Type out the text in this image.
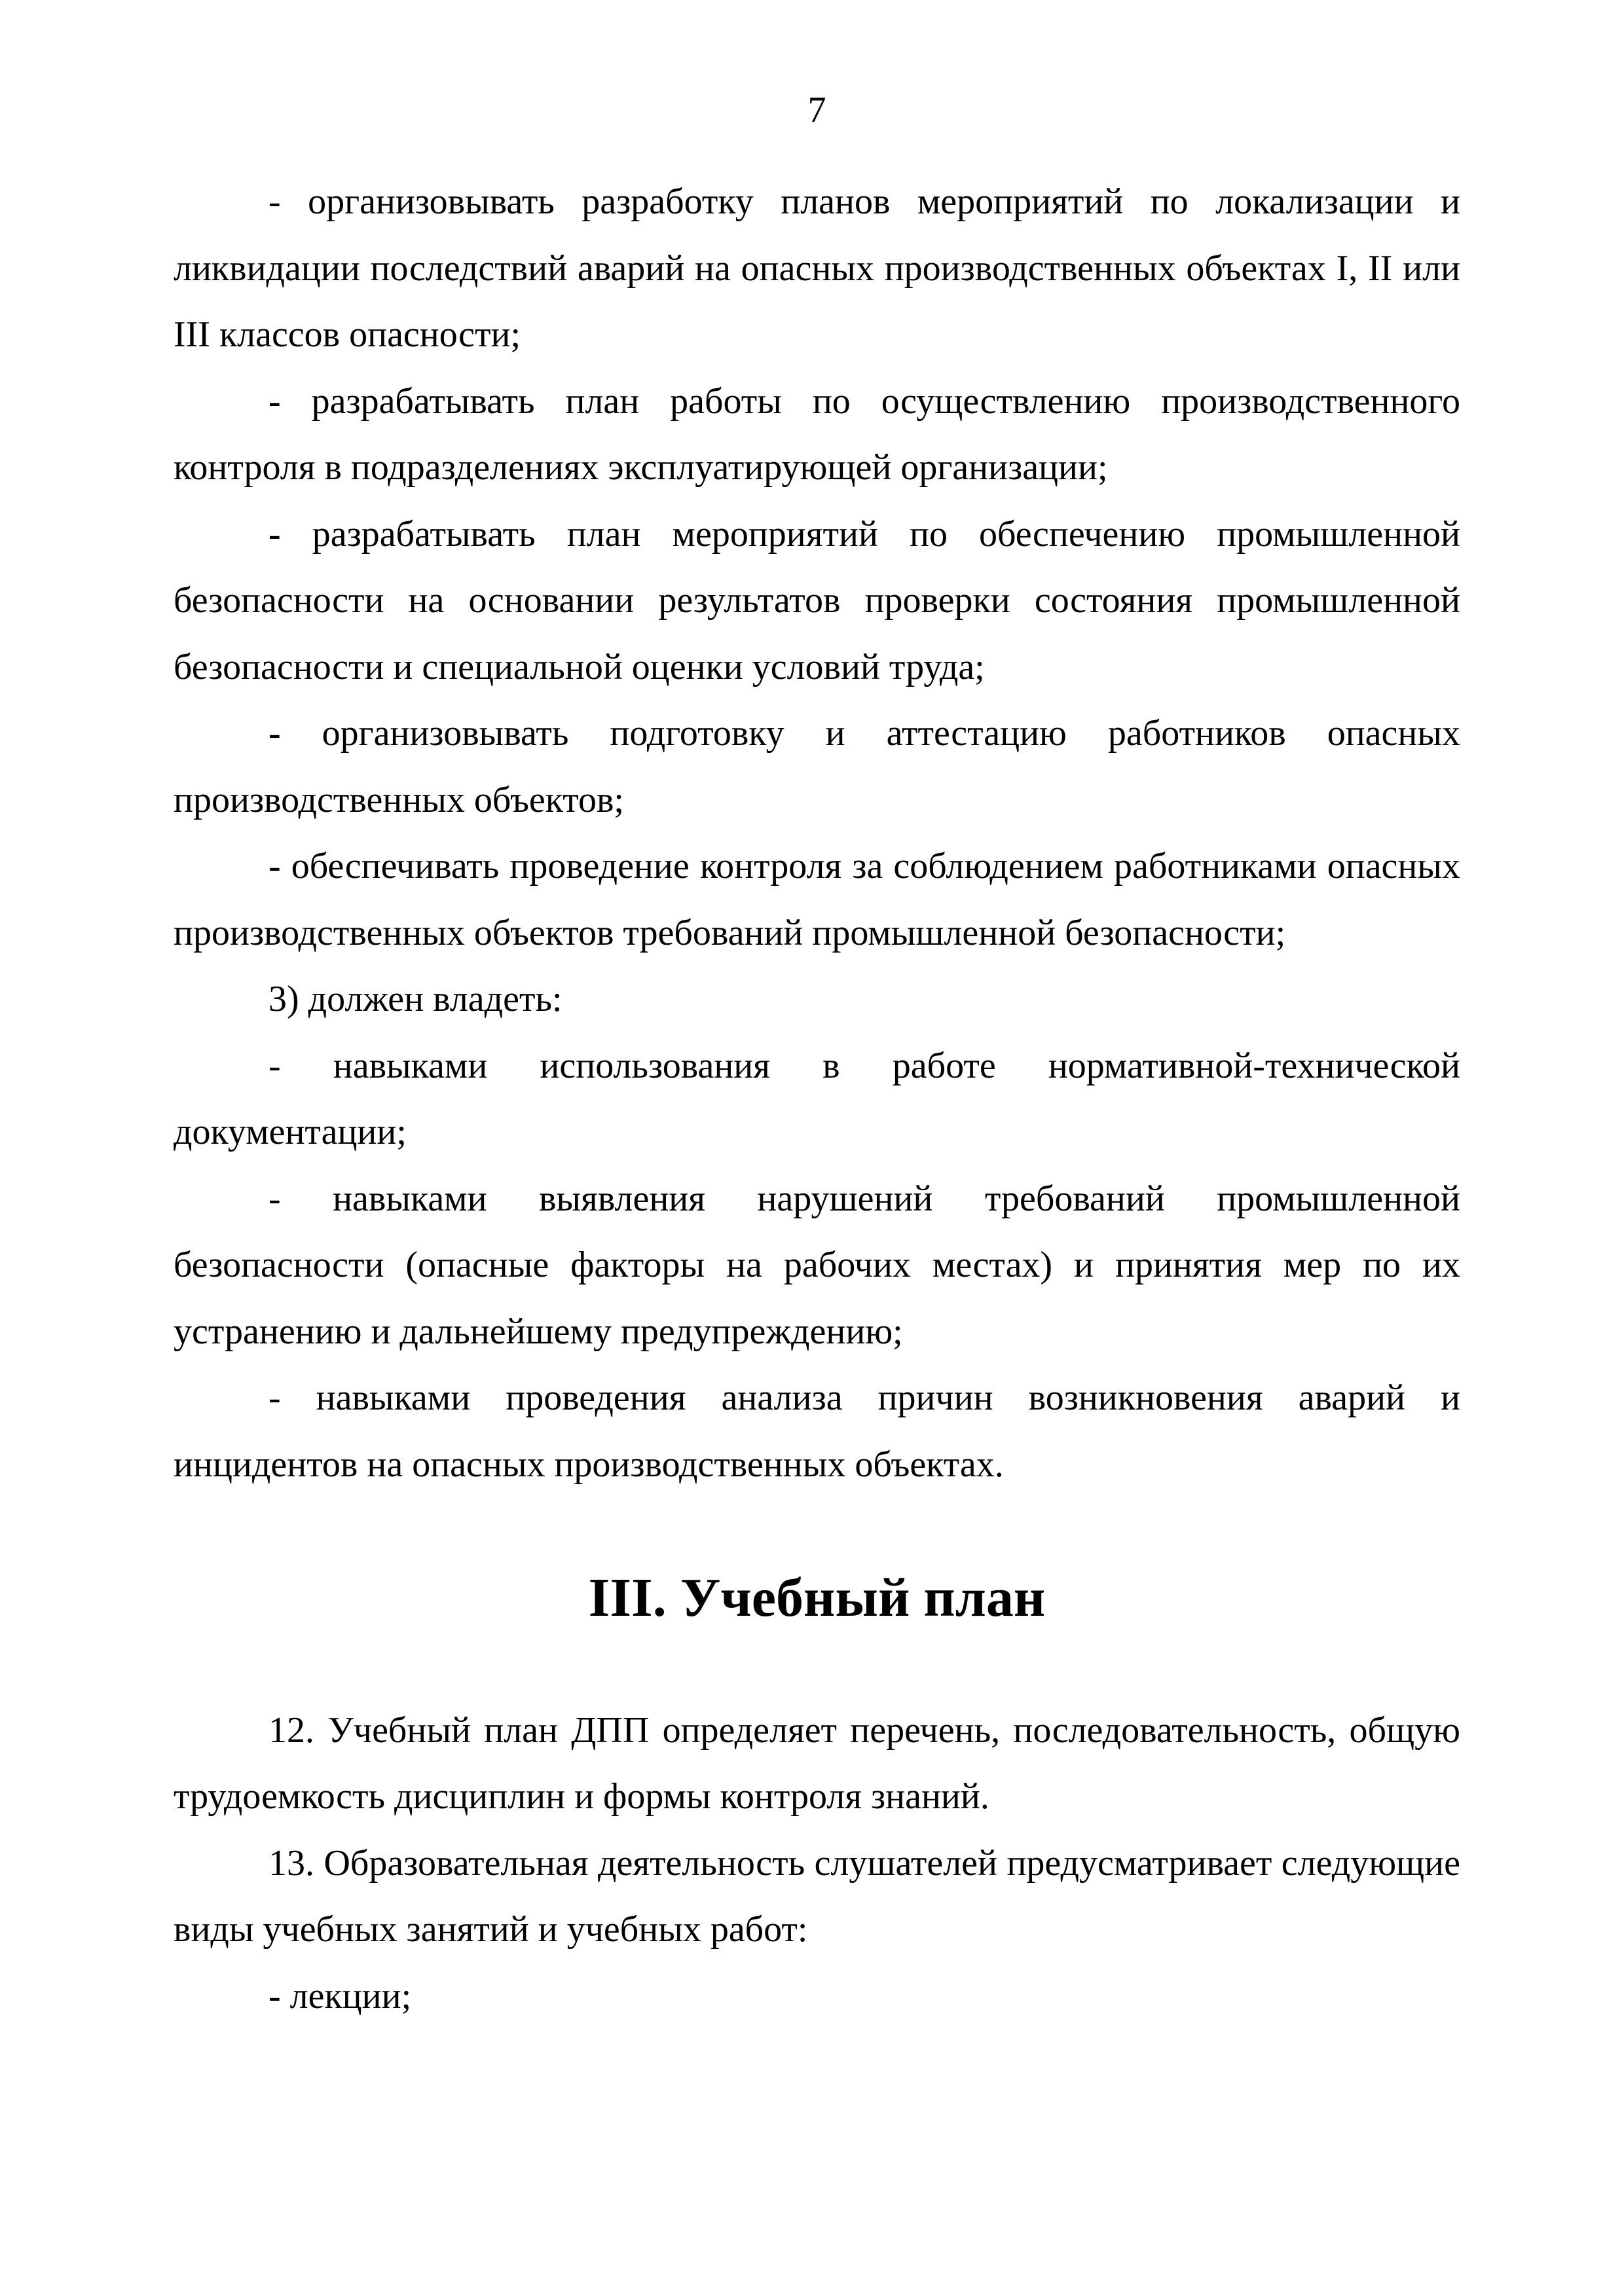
7

- организовывать разработку планов мероприятий по локализации и ликвидации последствий аварий на опасных производственных объектах I, II или III классов опасности;

- разрабатывать план работы по осуществлению производственного контроля в подразделениях эксплуатирующей организации;

- разрабатывать план мероприятий по обеспечению промышленной безопасности на основании результатов проверки состояния промышленной безопасности и специальной оценки условий труда;

- организовывать подготовку и аттестацию работников опасных производственных объектов;

- обеспечивать проведение контроля за соблюдением работниками опасных производственных объектов требований промышленной безопасности;

3) должен владеть:

- навыками использования в работе нормативной-технической документации;

- навыками выявления нарушений требований промышленной безопасности (опасные факторы на рабочих местах) и принятия мер по их устранению и дальнейшему предупреждению;

- навыками проведения анализа причин возникновения аварий и инцидентов на опасных производственных объектах.

III. Учебный план

12. Учебный план ДПП определяет перечень, последовательность, общую трудоемкость дисциплин и формы контроля знаний.

13. Образовательная деятельность слушателей предусматривает следующие виды учебных занятий и учебных работ:

- лекции;
